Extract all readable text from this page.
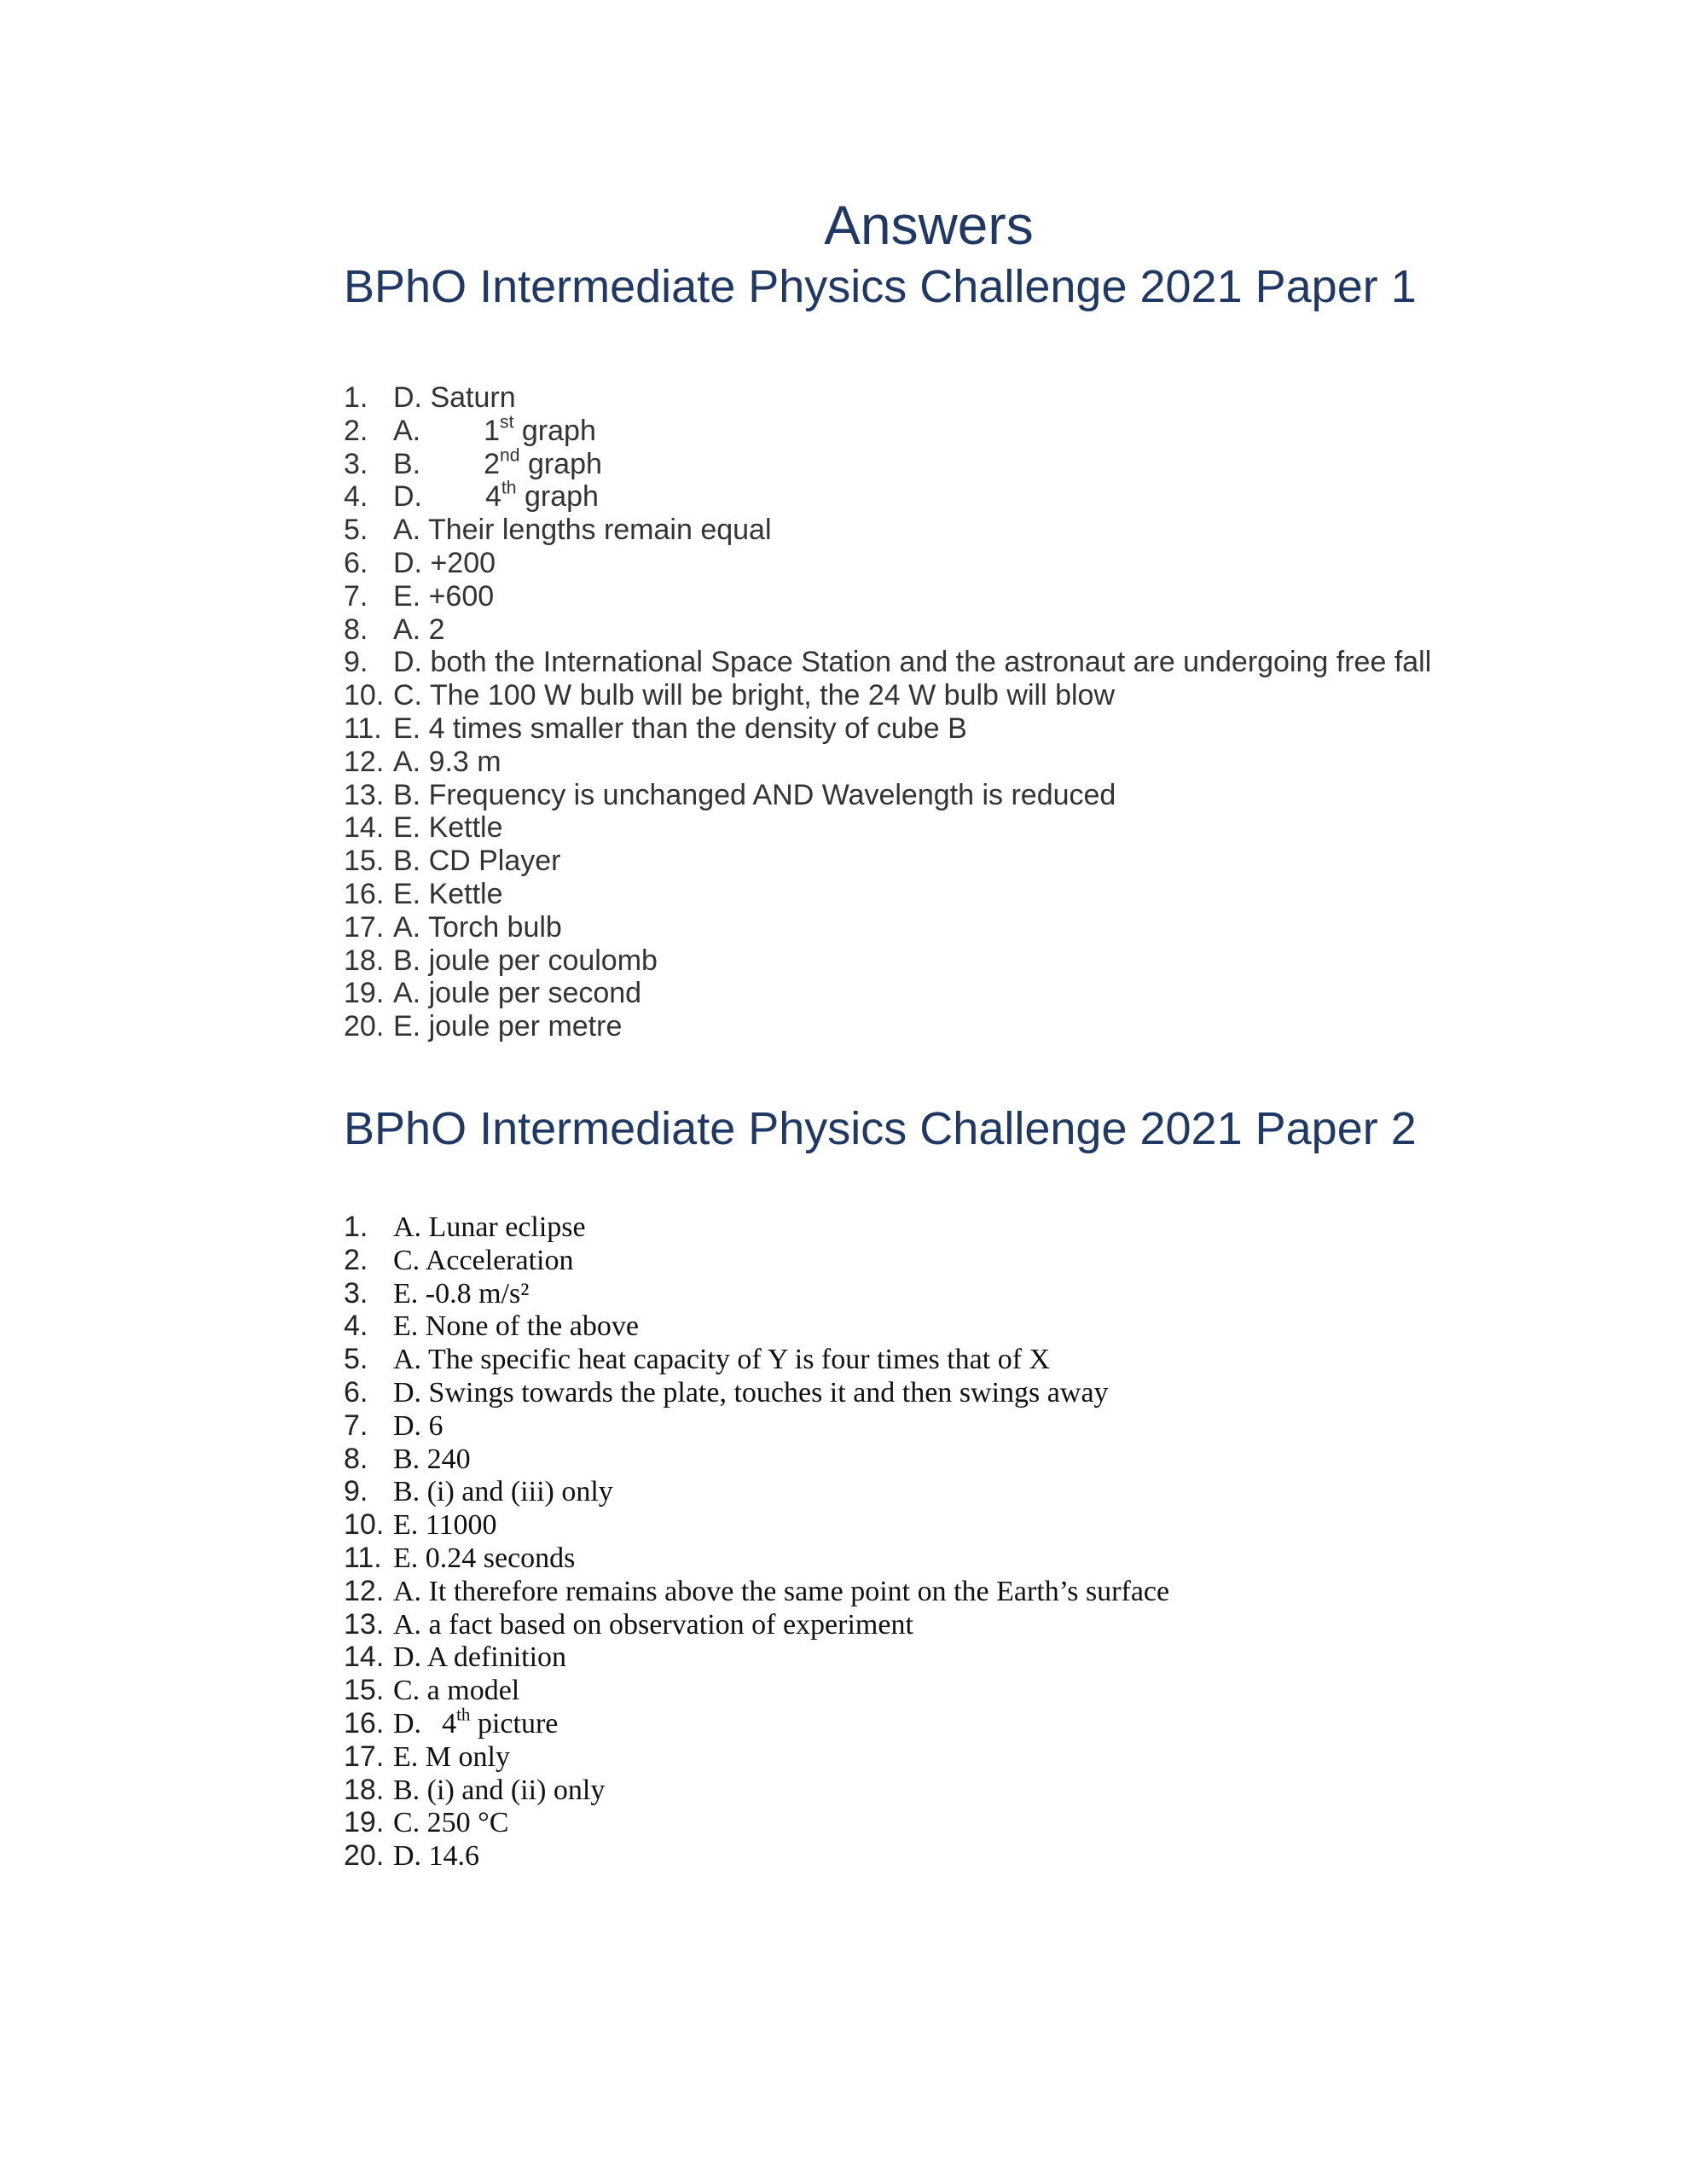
Answers
BPhO Intermediate Physics Challenge 2021 Paper 1
1. D. Saturn
2. A. 1st graph
3. B. 2nd graph
4. D. 4th graph
5. A. Their lengths remain equal
6. D. +200
7. E. +600
8. A. 2
9. D. both the International Space Station and the astronaut are undergoing free fall
10. C. The 100 W bulb will be bright, the 24 W bulb will blow
11. E. 4 times smaller than the density of cube B
12. A. 9.3 m
13. B. Frequency is unchanged AND Wavelength is reduced
14. E. Kettle
15. B. CD Player
16. E. Kettle
17. A. Torch bulb
18. B. joule per coulomb
19. A. joule per second
20. E. joule per metre
BPhO Intermediate Physics Challenge 2021 Paper 2
1. A. Lunar eclipse
2. C. Acceleration
3. E. -0.8 m/s²
4. E. None of the above
5. A. The specific heat capacity of Y is four times that of X
6. D. Swings towards the plate, touches it and then swings away
7. D. 6
8. B. 240
9. B. (i) and (iii) only
10. E. 11000
11. E. 0.24 seconds
12. A. It therefore remains above the same point on the Earth’s surface
13. A. a fact based on observation of experiment
14. D. A definition
15. C. a model
16. D. 4th picture
17. E. M only
18. B. (i) and (ii) only
19. C. 250 °C
20. D. 14.6
